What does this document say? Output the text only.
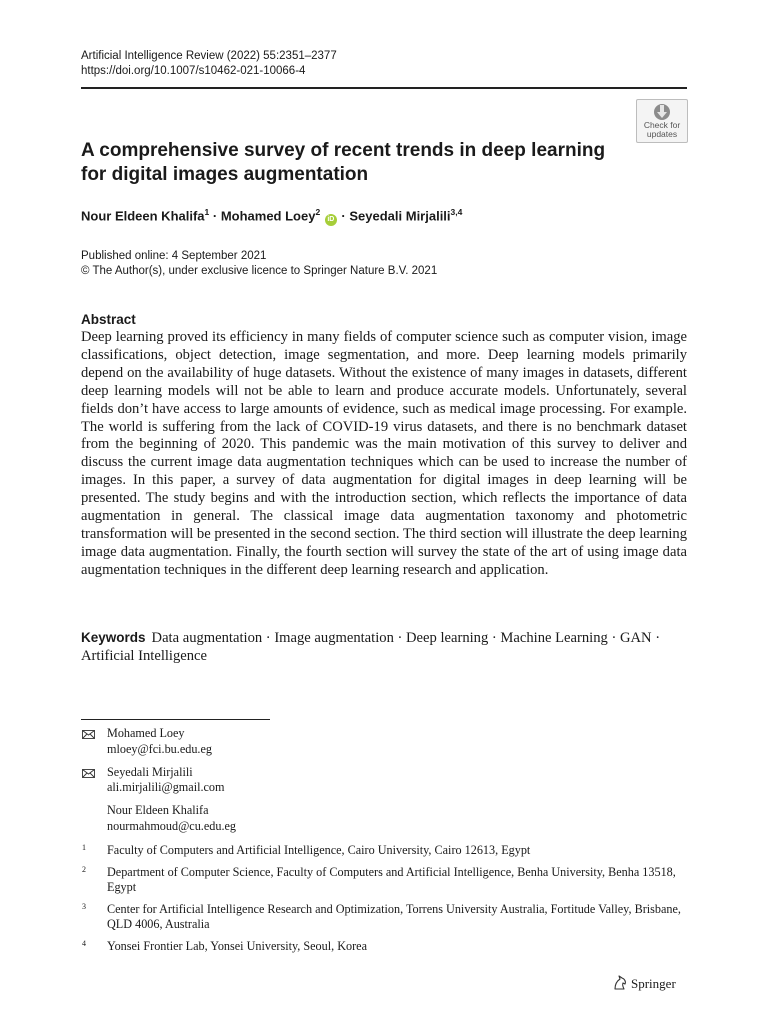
Artificial Intelligence Review (2022) 55:2351–2377
https://doi.org/10.1007/s10462-021-10066-4
Check for
updates
A comprehensive survey of recent trends in deep learning for digital images augmentation
Nour Eldeen Khalifa$^1$ · Mohamed Loey$^2$ iD · Seyedali Mirjalili$^{3,4}$
Published online: 4 September 2021
© The Author(s), under exclusive licence to Springer Nature B.V. 2021
Abstract
Deep learning proved its efficiency in many fields of computer science such as computer vision, image classifications, object detection, image segmentation, and more. Deep learning models primarily depend on the availability of huge datasets. Without the existence of many images in datasets, different deep learning models will not be able to learn and produce accurate models. Unfortunately, several fields don’t have access to large amounts of evidence, such as medical image processing. For example. The world is suffering from the lack of COVID-19 virus datasets, and there is no benchmark dataset from the beginning of 2020. This pandemic was the main motivation of this survey to deliver and discuss the current image data augmentation techniques which can be used to increase the number of images. In this paper, a survey of data augmentation for digital images in deep learning will be presented. The study begins and with the introduction section, which reflects the importance of data augmentation in general. The classical image data augmentation taxonomy and photometric transformation will be presented in the second section. The third section will illustrate the deep learning image data augmentation. Finally, the fourth section will survey the state of the art of using image data augmentation techniques in the different deep learning research and application.
Keywords Data augmentation · Image augmentation · Deep learning · Machine Learning · GAN · Artificial Intelligence
Mohamed Loey
mloey@fci.bu.edu.eg
Seyedali Mirjalili
ali.mirjalili@gmail.com
Nour Eldeen Khalifa
nourmahmoud@cu.edu.eg
1 Faculty of Computers and Artificial Intelligence, Cairo University, Cairo 12613, Egypt
2 Department of Computer Science, Faculty of Computers and Artificial Intelligence, Benha University, Benha 13518, Egypt
3 Center for Artificial Intelligence Research and Optimization, Torrens University Australia, Fortitude Valley, Brisbane, QLD 4006, Australia
4 Yonsei Frontier Lab, Yonsei University, Seoul, Korea
Springer
